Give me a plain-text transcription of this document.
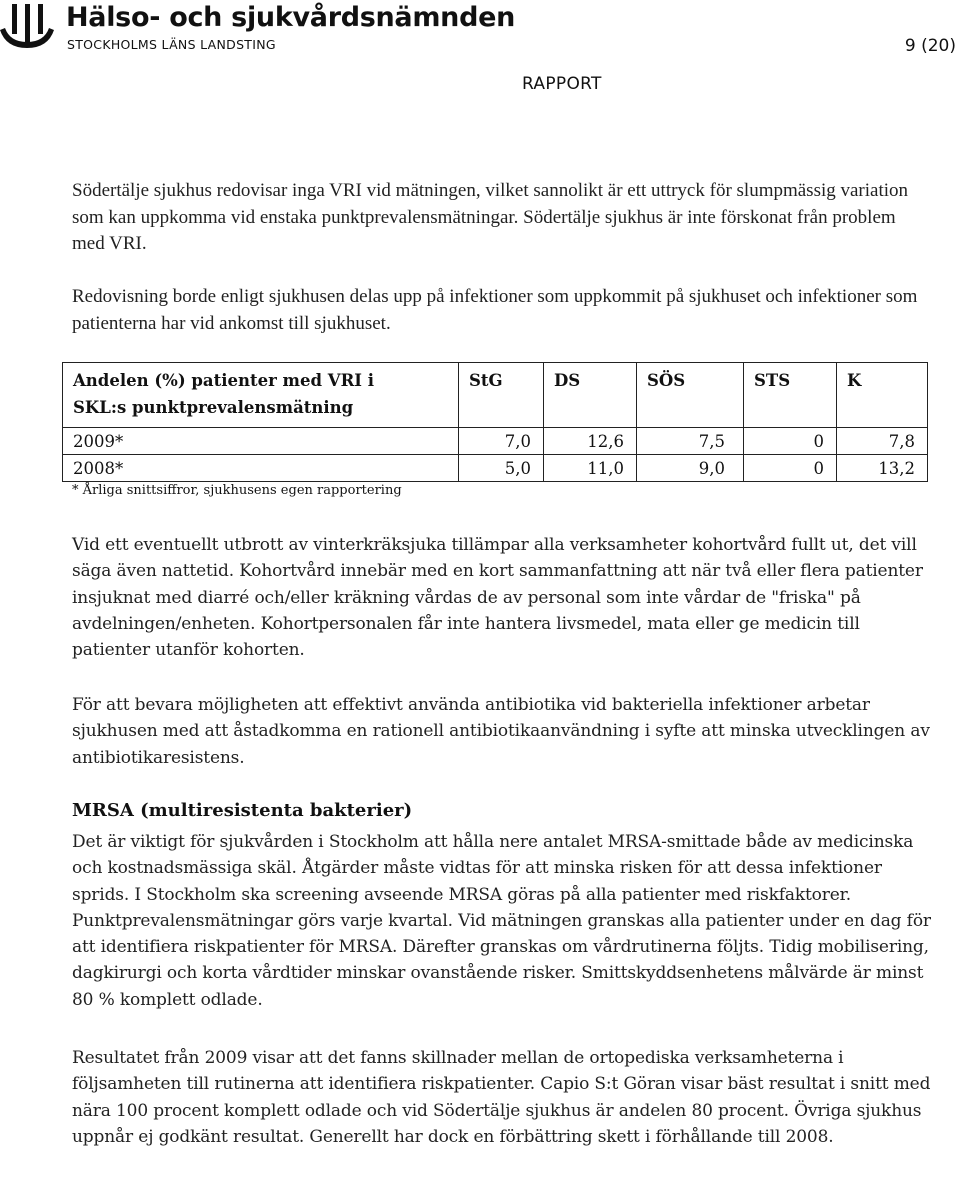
Hälso- och sjukvårdsnämnden
STOCKHOLMS LÄNS LANDSTING	9 (20)
RAPPORT

Södertälje sjukhus redovisar inga VRI vid mätningen, vilket sannolikt är ett uttryck för slumpmässig variation som kan uppkomma vid enstaka punktprevalensmätningar. Södertälje sjukhus är inte förskonat från problem med VRI.

Redovisning borde enligt sjukhusen delas upp på infektioner som uppkommit på sjukhuset och infektioner som patienterna har vid ankomst till sjukhuset.

Andelen (%) patienter med VRI i
SKL:s punktprevalensmätning	StG	DS	SÖS	STS	K
2009*	7,0	12,6	7,5	0	7,8
2008*	5,0	11,0	9,0	0	13,2
* Årliga snittsiffror, sjukhusens egen rapportering

Vid ett eventuellt utbrott av vinterkräksjuka tillämpar alla verksamheter kohortvård fullt ut, det vill säga även nattetid. Kohortvård innebär med en kort sammanfattning att när två eller flera patienter insjuknat med diarré och/eller kräkning vårdas de av personal som inte vårdar de "friska" på avdelningen/enheten. Kohortpersonalen får inte hantera livsmedel, mata eller ge medicin till patienter utanför kohorten.

För att bevara möjligheten att effektivt använda antibiotika vid bakteriella infektioner arbetar sjukhusen med att åstadkomma en rationell antibiotikaanvändning i syfte att minska utvecklingen av antibiotikaresistens.

MRSA (multiresistenta bakterier)

Det är viktigt för sjukvården i Stockholm att hålla nere antalet MRSA-smittade både av medicinska och kostnadsmässiga skäl. Åtgärder måste vidtas för att minska risken för att dessa infektioner sprids. I Stockholm ska screening avseende MRSA göras på alla patienter med riskfaktorer. Punktprevalensmätningar görs varje kvartal. Vid mätningen granskas alla patienter under en dag för att identifiera riskpatienter för MRSA. Därefter granskas om vårdrutinerna följts. Tidig mobilisering, dagkirurgi och korta vårdtider minskar ovanstående risker. Smittskyddsenhetens målvärde är minst 80 % komplett odlade.

Resultatet från 2009 visar att det fanns skillnader mellan de ortopediska verksamheterna i följsamheten till rutinerna att identifiera riskpatienter. Capio S:t Göran visar bäst resultat i snitt med nära 100 procent komplett odlade och vid Södertälje sjukhus är andelen 80 procent. Övriga sjukhus uppnår ej godkänt resultat. Generellt har dock en förbättring skett i förhållande till 2008.
